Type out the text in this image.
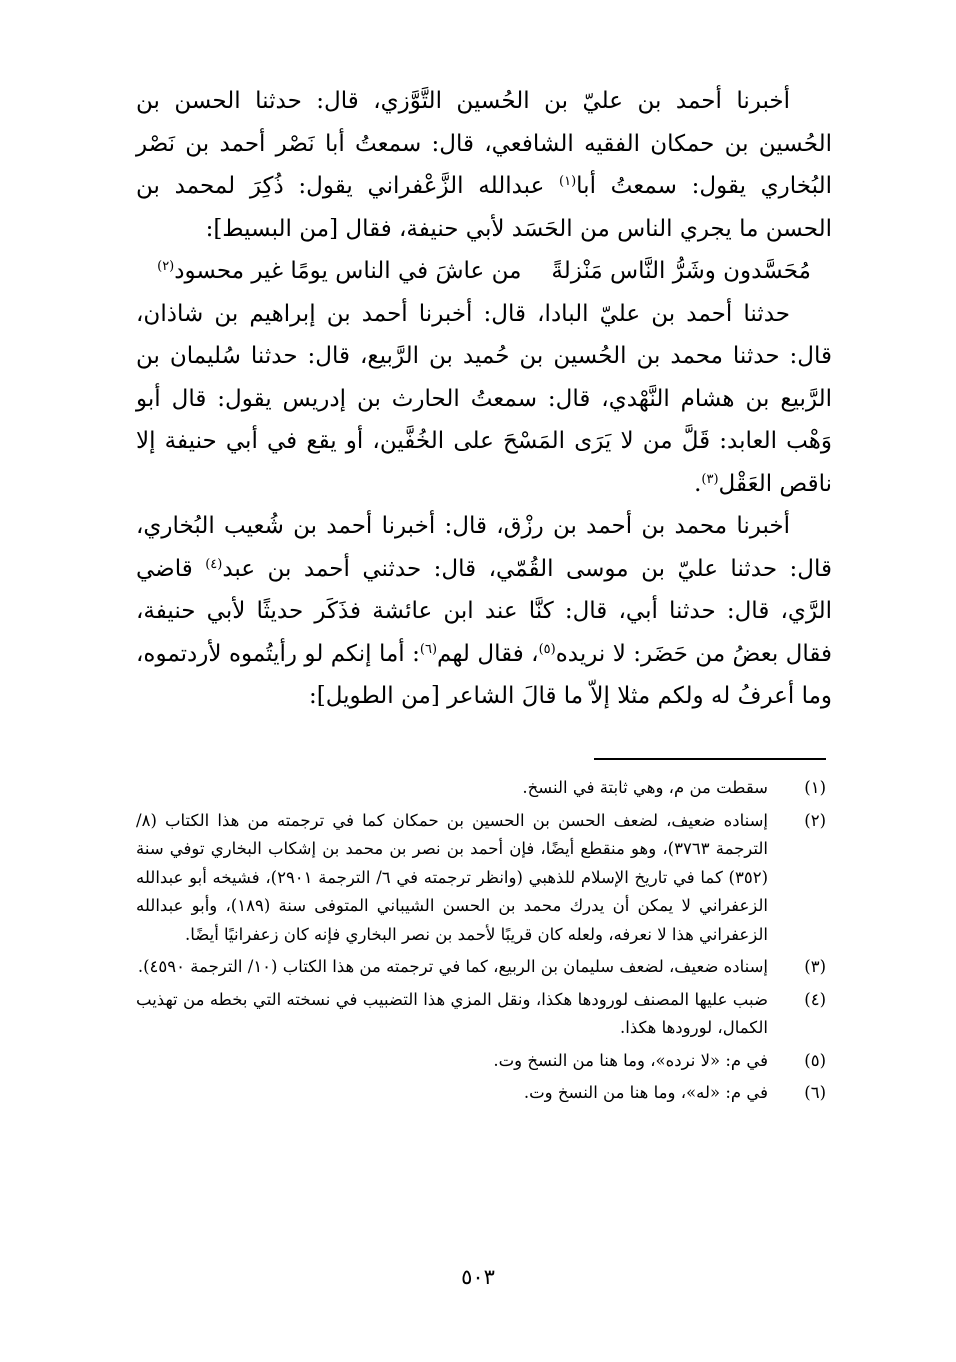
أخبرنا أحمد بن عليّ بن الحُسين التَّوَّزي، قال: حدثنا الحسن بن الحُسين بن حمكان الفقيه الشافعي، قال: سمعتُ أبا نَصْر أحمد بن نَصْر البُخاري يقول: سمعتُ أبا$^{(١)}$ عبدالله الزَّعْفراني يقول: ذُكِرَ لمحمد بن الحسن ما يجري الناس من الحَسَد لأبي حنيفة، فقال [من البسيط]:

مُحَسَّدون وشَرُّ النَّاس مَنْزلةًمن عاشَ في الناس يومًا غير محسود$^{(٢)}$

حدثنا أحمد بن عليّ البادا، قال: أخبرنا أحمد بن إبراهيم بن شاذان، قال: حدثنا محمد بن الحُسين بن حُميد بن الرَّبيع، قال: حدثنا سُليمان بن الرَّبيع بن هشام النَّهْدي، قال: سمعتُ الحارث بن إدريس يقول: قال أبو وَهْب العابد: قَلَّ من لا يَرَى المَسْحَ على الخُفَّين، أو يقع في أبي حنيفة إلا ناقص العَقْل$^{(٣)}$.

أخبرنا محمد بن أحمد بن رزْق، قال: أخبرنا أحمد بن شُعيب البُخاري، قال: حدثنا عليّ بن موسى القُمّي، قال: حدثني أحمد بن عبد$^{(٤)}$ قاضي الرَّي، قال: حدثنا أبي، قال: كنَّا عند ابن عائشة فذَكَر حديثًا لأبي حنيفة، فقال بعضُ من حَضَر: لا نريده$^{(٥)}$، فقال لهم$^{(٦)}$: أما إنكم لو رأيتُموه لأردتموه، وما أعرفُ له ولكم مثلا إلاّ ما قالَ الشاعر [من الطويل]:

(١)
سقطت من م، وهي ثابتة في النسخ.

(٢)
إسناده ضعيف، لضعف الحسن بن الحسين بن حمكان كما في ترجمته من هذا الكتاب (٨/ الترجمة ٣٧٦٣)، وهو منقطع أيضًا، فإن أحمد بن نصر بن محمد بن إشكاب البخاري توفي سنة (٣٥٢) كما في تاريخ الإسلام للذهبي (وانظر ترجمته في ٦/ الترجمة ٢٩٠١)، فشيخه أبو عبدالله الزعفراني لا يمكن أن يدرك محمد بن الحسن الشيباني المتوفى سنة (١٨٩)، وأبو عبدالله الزعفراني هذا لا نعرفه، ولعله كان قريبًا لأحمد بن نصر البخاري فإنه كان زعفرانيًا أيضًا.

(٣)
إسناده ضعيف، لضعف سليمان بن الربيع، كما في ترجمته من هذا الكتاب (١٠/ الترجمة ٤٥٩٠).

(٤)
ضبب عليها المصنف لورودها هكذا، ونقل المزي هذا التضبيب في نسخته التي بخطه من تهذيب الكمال، لورودها هكذا.

(٥)
في م: «لا نرده»، وما هنا من النسخ وت.

(٦)
في م: «له»، وما هنا من النسخ وت.

٥٠٣
